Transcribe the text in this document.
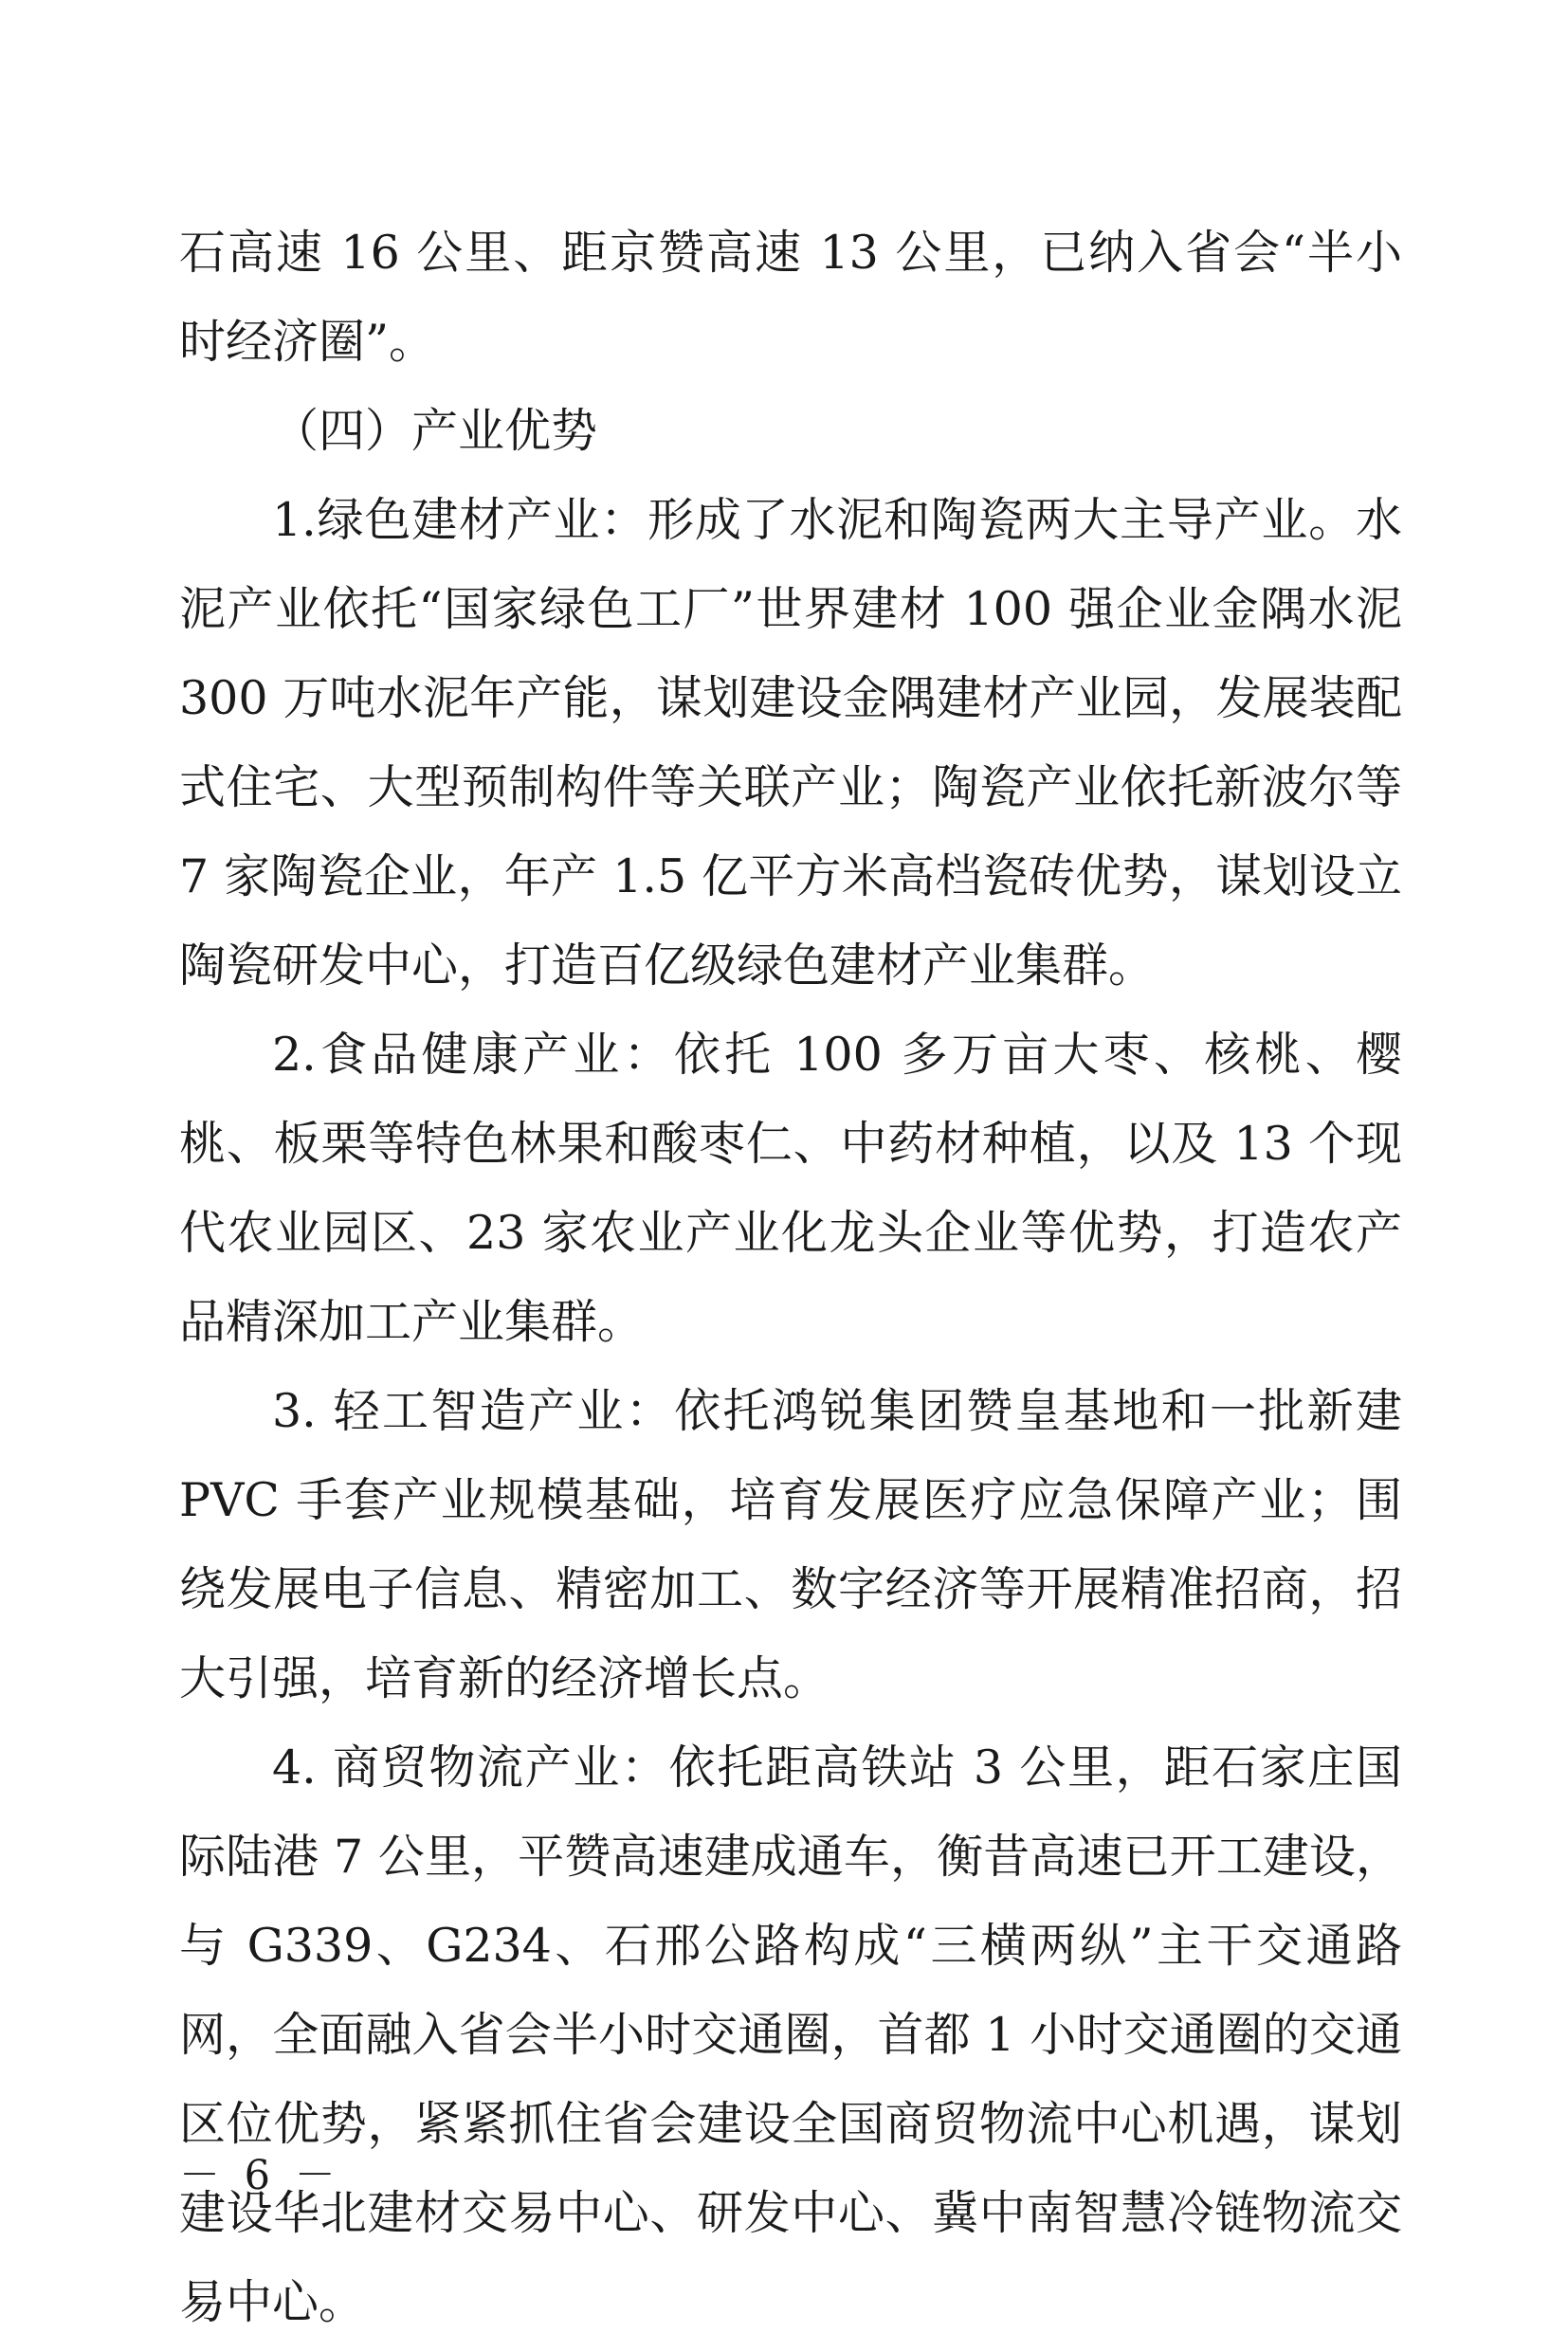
石高速 16 公里、距京赞高速 13 公里，已纳入省会“半小时经济圈”。

（四）产业优势

1.绿色建材产业：形成了水泥和陶瓷两大主导产业。水泥产业依托“国家绿色工厂”世界建材 100 强企业金隅水泥 300 万吨水泥年产能，谋划建设金隅建材产业园，发展装配式住宅、大型预制构件等关联产业；陶瓷产业依托新波尔等 7 家陶瓷企业，年产 1.5 亿平方米高档瓷砖优势，谋划设立陶瓷研发中心，打造百亿级绿色建材产业集群。

2.食品健康产业：依托 100 多万亩大枣、核桃、樱桃、板栗等特色林果和酸枣仁、中药材种植，以及 13 个现代农业园区、23 家农业产业化龙头企业等优势，打造农产品精深加工产业集群。

3. 轻工智造产业：依托鸿锐集团赞皇基地和一批新建 PVC 手套产业规模基础，培育发展医疗应急保障产业；围绕发展电子信息、精密加工、数字经济等开展精准招商，招大引强，培育新的经济增长点。

4. 商贸物流产业：依托距高铁站 3 公里，距石家庄国际陆港 7 公里，平赞高速建成通车，衡昔高速已开工建设，与 G339、G234、石邢公路构成“三横两纵”主干交通路网，全面融入省会半小时交通圈，首都 1 小时交通圈的交通区位优势，紧紧抓住省会建设全国商贸物流中心机遇，谋划建设华北建材交易中心、研发中心、冀中南智慧冷链物流交易中心。

－ 6 －
